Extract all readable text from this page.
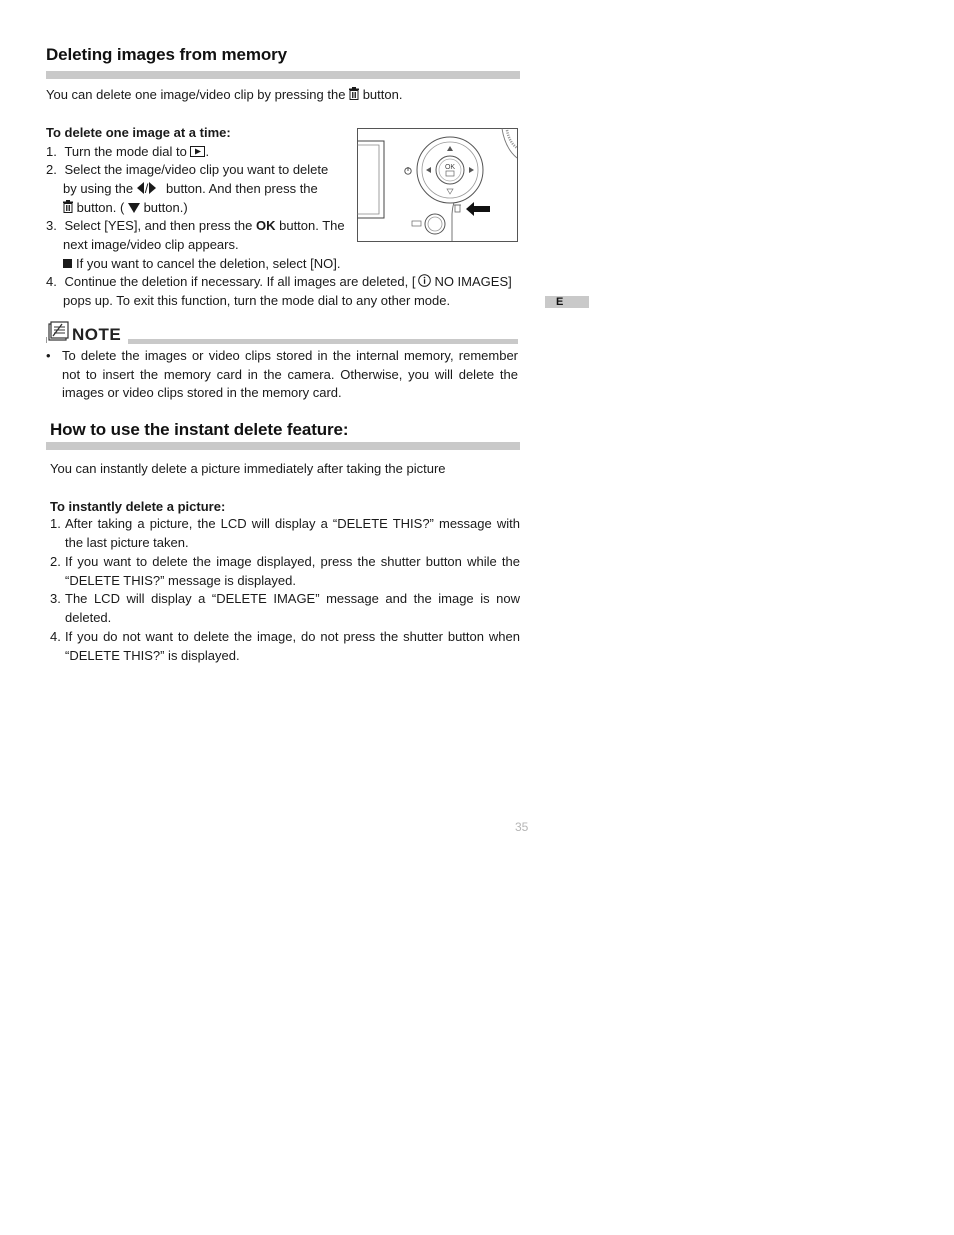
Deleting images from memory
You can delete one image/video clip by pressing the button.
To delete one image at a time:
1. Turn the mode dial to .
2. Select the image/video clip you want to delete
by using the / button. And then press the
button. ( button.)
3. Select [YES], and then press the OK button. The
next image/video clip appears.
If you want to cancel the deletion, select [NO].
4. Continue the deletion if necessary. If all images are deleted, [ NO IMAGES]
pops up. To exit this function, turn the mode dial to any other mode.
OK
E
NOTE
• To delete the images or video clips stored in the internal memory, remember not to insert the memory card in the camera. Otherwise, you will delete the images or video clips stored in the memory card.
How to use the instant delete feature:
You can instantly delete a picture immediately after taking the picture
To instantly delete a picture:
1. After taking a picture, the LCD will display a “DELETE THIS?” message with the last picture taken.
2. If you want to delete the image displayed, press the shutter button while the “DELETE THIS?” message is displayed.
3. The LCD will display a “DELETE IMAGE” message and the image is now deleted.
4. If you do not want to delete the image, do not press the shutter button when “DELETE THIS?” is displayed.
35
